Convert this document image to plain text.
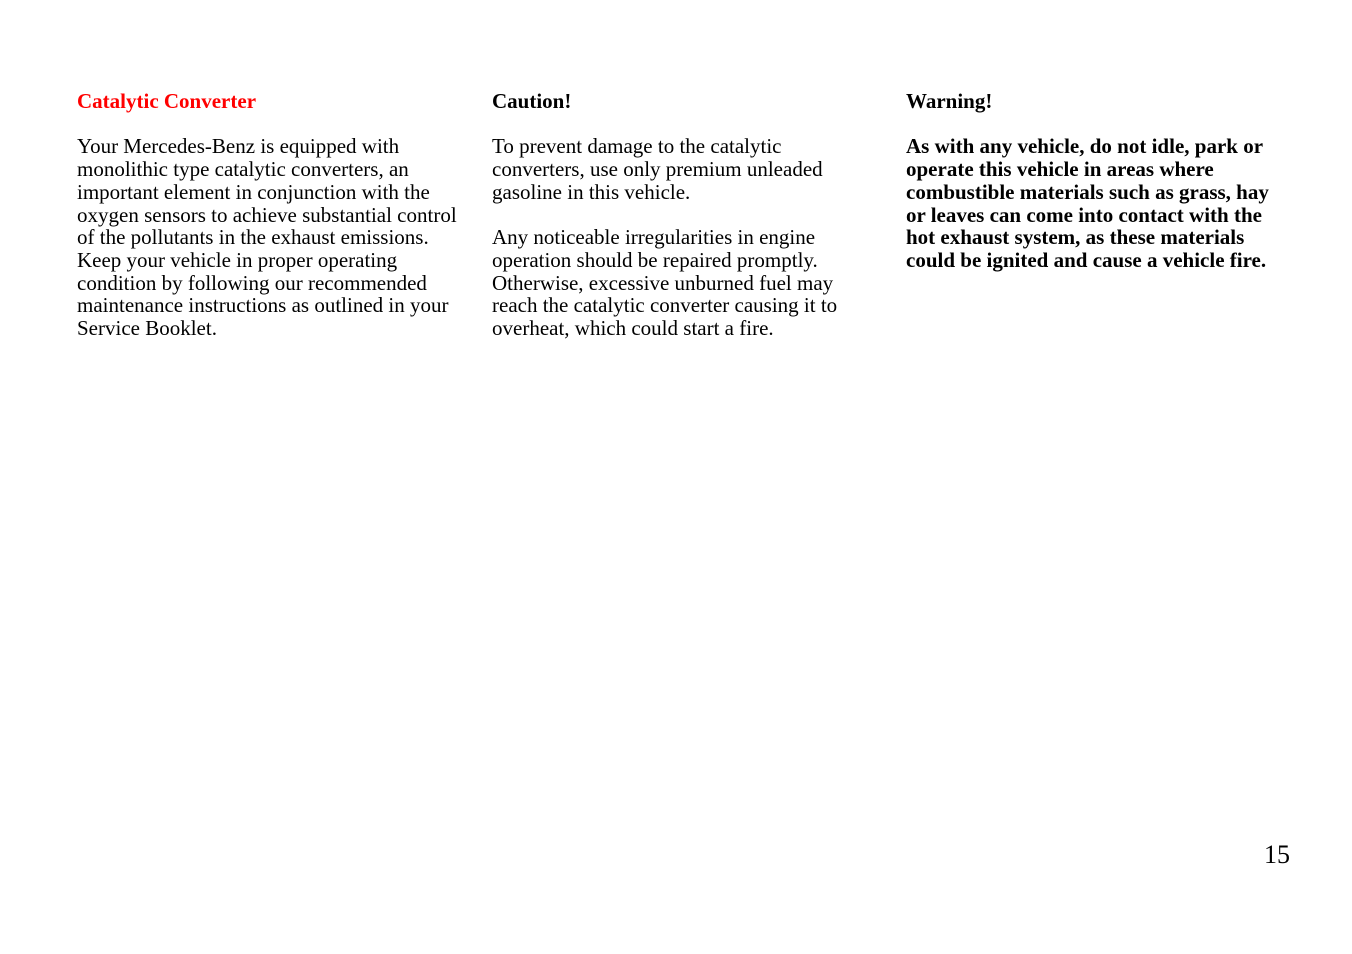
Catalytic Converter
Your Mercedes-Benz is equipped with monolithic type catalytic converters, an important element in conjunction with the oxygen sensors to achieve substantial control of the pollutants in the exhaust emissions. Keep your vehicle in proper operating condition by following our recommended maintenance instructions as outlined in your Service Booklet.
Caution!
To prevent damage to the catalytic converters, use only premium unleaded gasoline in this vehicle.
Any noticeable irregularities in engine operation should be repaired promptly. Otherwise, excessive unburned fuel may reach the catalytic converter causing it to overheat, which could start a fire.
Warning!
As with any vehicle, do not idle, park or operate this vehicle in areas where combustible materials such as grass, hay or leaves can come into contact with the hot exhaust system, as these materials could be ignited and cause a vehicle fire.
15
